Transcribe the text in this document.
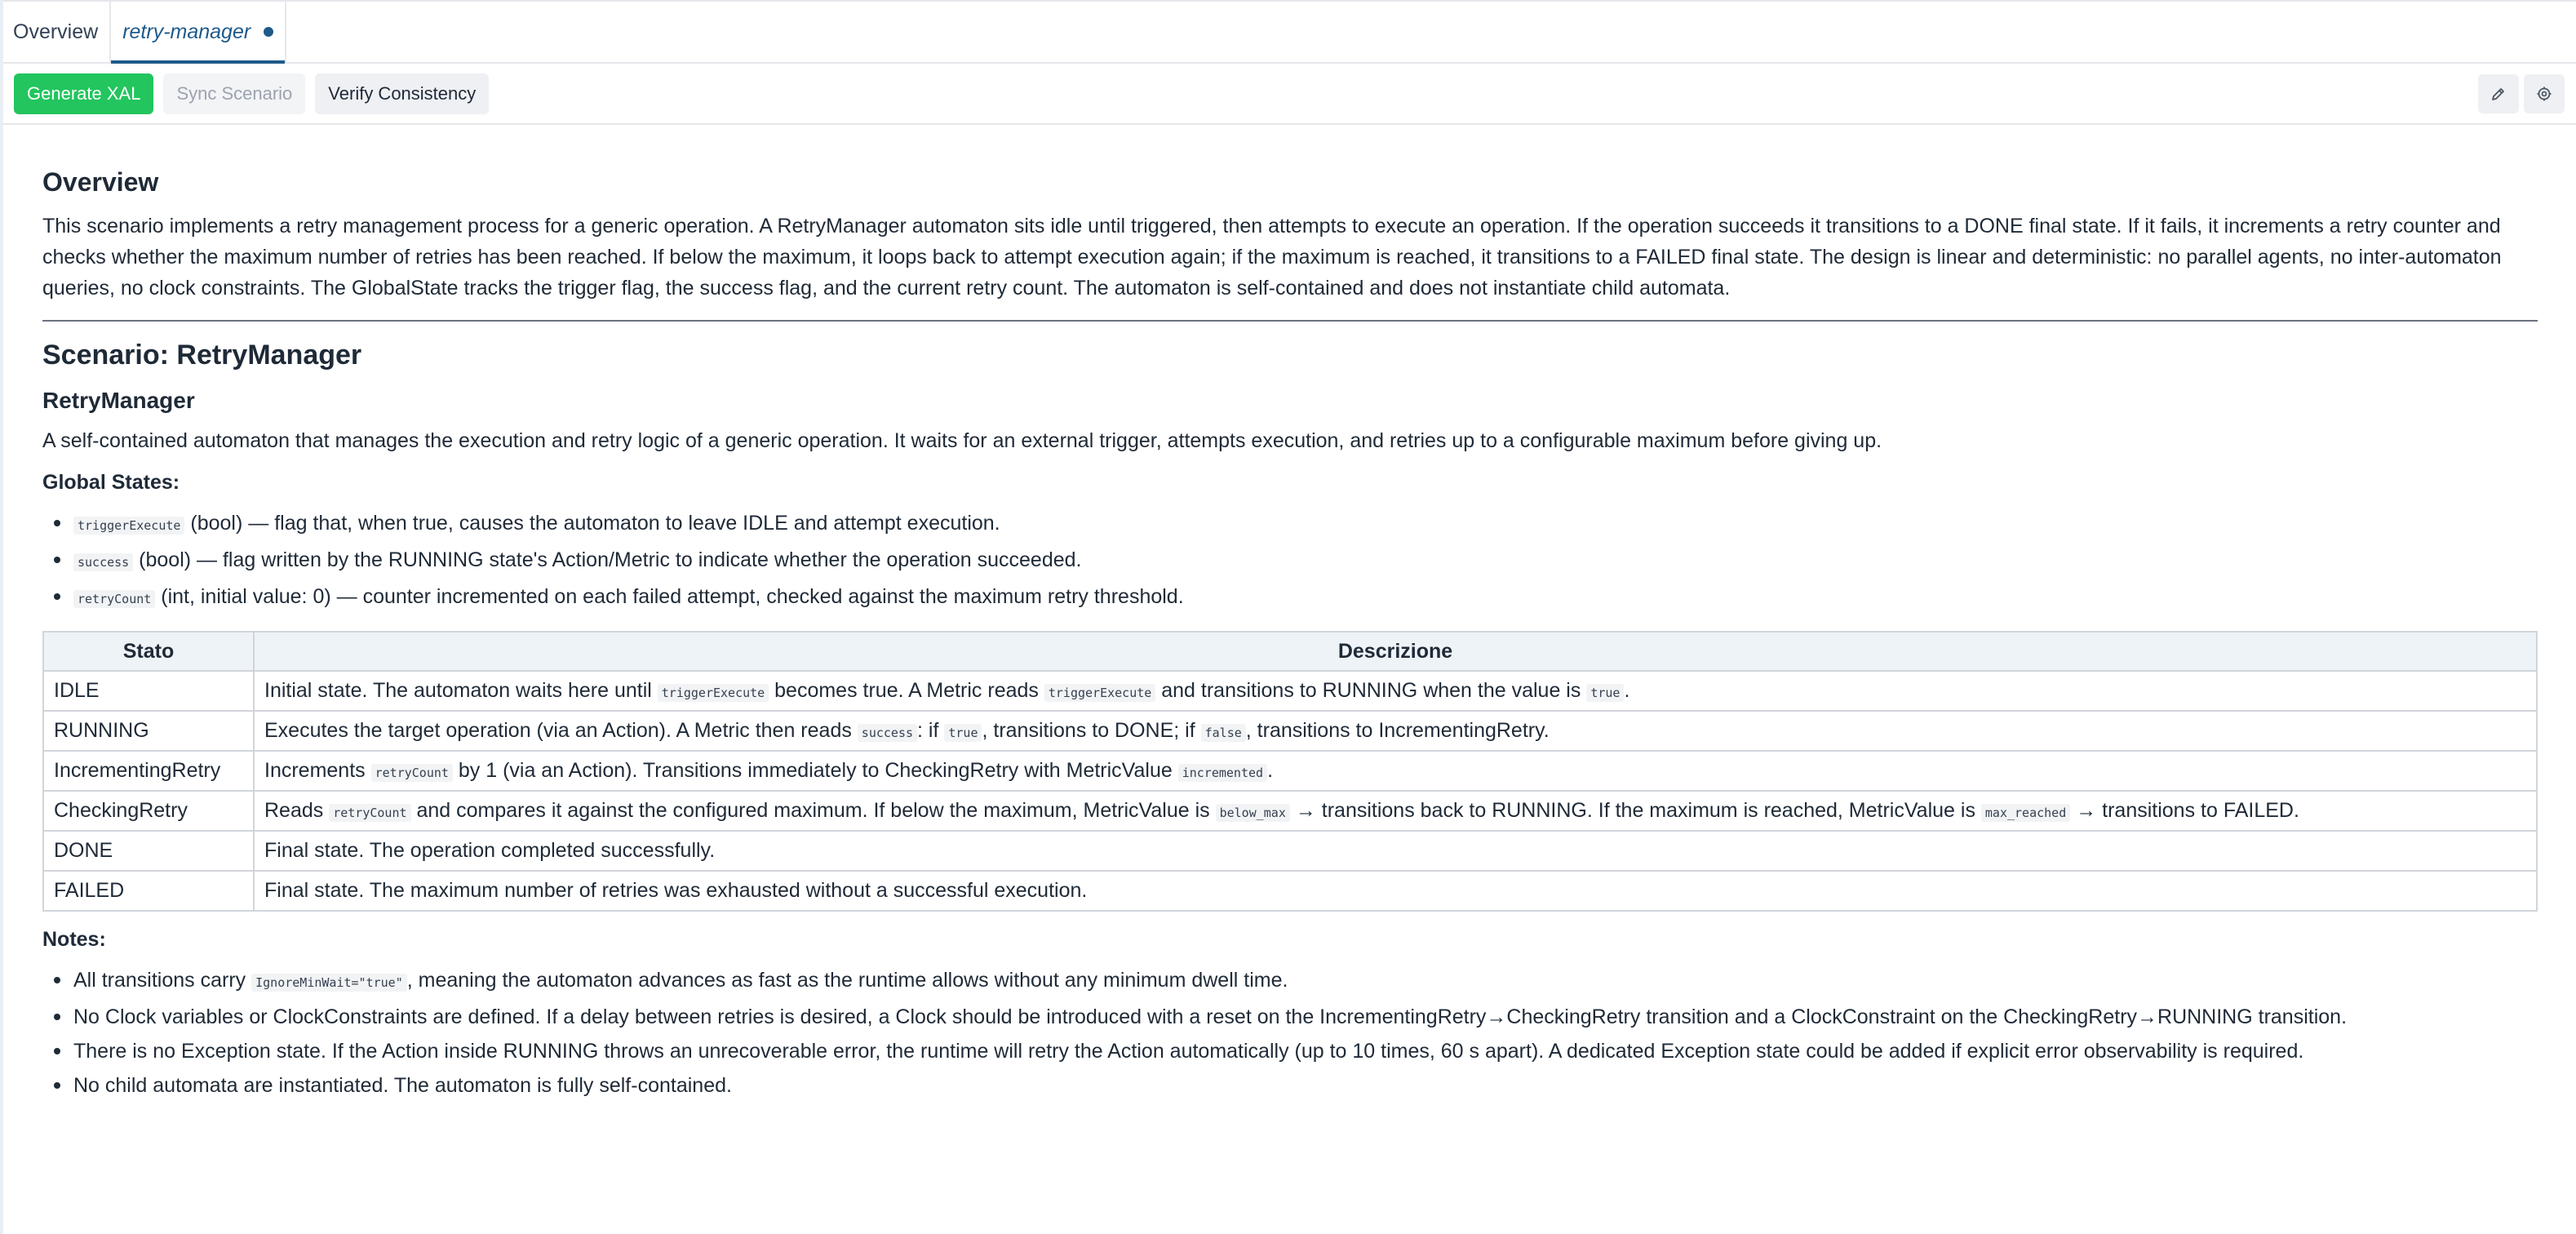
Overview retry-manager
Generate XAL	Sync Scenario	Verify Consistency
Overview

This scenario implements a retry management process for a generic operation. A RetryManager automaton sits idle until triggered, then attempts to execute an operation. If the operation succeeds it transitions to a DONE final state. If it fails, it increments a retry counter and checks whether the maximum number of retries has been reached. If below the maximum, it loops back to attempt execution again; if the maximum is reached, it transitions to a FAILED final state. The design is linear and deterministic: no parallel agents, no inter-automaton queries, no clock constraints. The GlobalState tracks the trigger flag, the success flag, and the current retry count. The automaton is self-contained and does not instantiate child automata.

Scenario: RetryManager
RetryManager

A self-contained automaton that manages the execution and retry logic of a generic operation. It waits for an external trigger, attempts execution, and retries up to a configurable maximum before giving up.

Global States:
triggerExecute (bool) — flag that, when true, causes the automaton to leave IDLE and attempt execution.
success (bool) — flag written by the RUNNING state's Action/Metric to indicate whether the operation succeeded.
retryCount (int, initial value: 0) — counter incremented on each failed attempt, checked against the maximum retry threshold.
Stato	Descrizione
IDLE	Initial state. The automaton waits here until triggerExecute becomes true. A Metric reads triggerExecute and transitions to RUNNING when the value is true .
RUNNING	Executes the target operation (via an Action). A Metric then reads success : if true , transitions to DONE; if false , transitions to IncrementingRetry.
IncrementingRetry	Increments retryCount by 1 (via an Action). Transitions immediately to CheckingRetry with MetricValue incremented .
CheckingRetry	Reads retryCount and compares it against the configured maximum. If below the maximum, MetricValue is below_max → transitions back to RUNNING. If the maximum is reached, MetricValue is max_reached → transitions to FAILED.
DONE	Final state. The operation completed successfully.
FAILED	Final state. The maximum number of retries was exhausted without a successful execution.
Notes:
All transitions carry IgnoreMinWait="true" , meaning the automaton advances as fast as the runtime allows without any minimum dwell time.
No Clock variables or ClockConstraints are defined. If a delay between retries is desired, a Clock should be introduced with a reset on the IncrementingRetry→CheckingRetry transition and a ClockConstraint on the CheckingRetry→RUNNING transition.
There is no Exception state. If the Action inside RUNNING throws an unrecoverable error, the runtime will retry the Action automatically (up to 10 times, 60 s apart). A dedicated Exception state could be added if explicit error observability is required.
No child automata are instantiated. The automaton is fully self-contained.
